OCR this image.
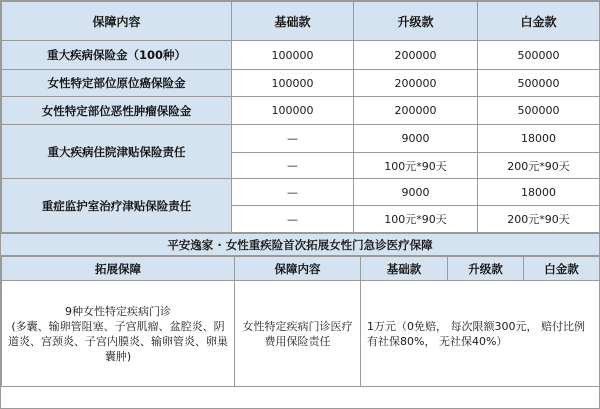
保障内容	基础款	升级款	白金款
重大疾病保险金（100种）	100000	200000	500000
女性特定部位原位癌保险金	100000	200000	500000
女性特定部位恶性肿瘤保险金	100000	200000	500000
重大疾病住院津贴保险责任	—	9000	18000
	—	100元*90天	200元*90天
重症监护室治疗津贴保险责任	—	9000	18000
	—	100元*90天	200元*90天
平安逸家 · 女性重疾险首次拓展女性门急诊医疗保障
拓展保障	保障内容	基础款	升级款	白金款

9种女性特定疾病门诊
(多囊、输卵管阻塞、子宫肌瘤、盆腔炎、阴道炎、宫颈炎、子宫内膜炎、输卵管炎、卵巢囊肿)	女性特定疾病门诊医疗费用保险责任	1万元（0免赔， 每次限额300元， 赔付比例有社保80%， 无社保40%）		
